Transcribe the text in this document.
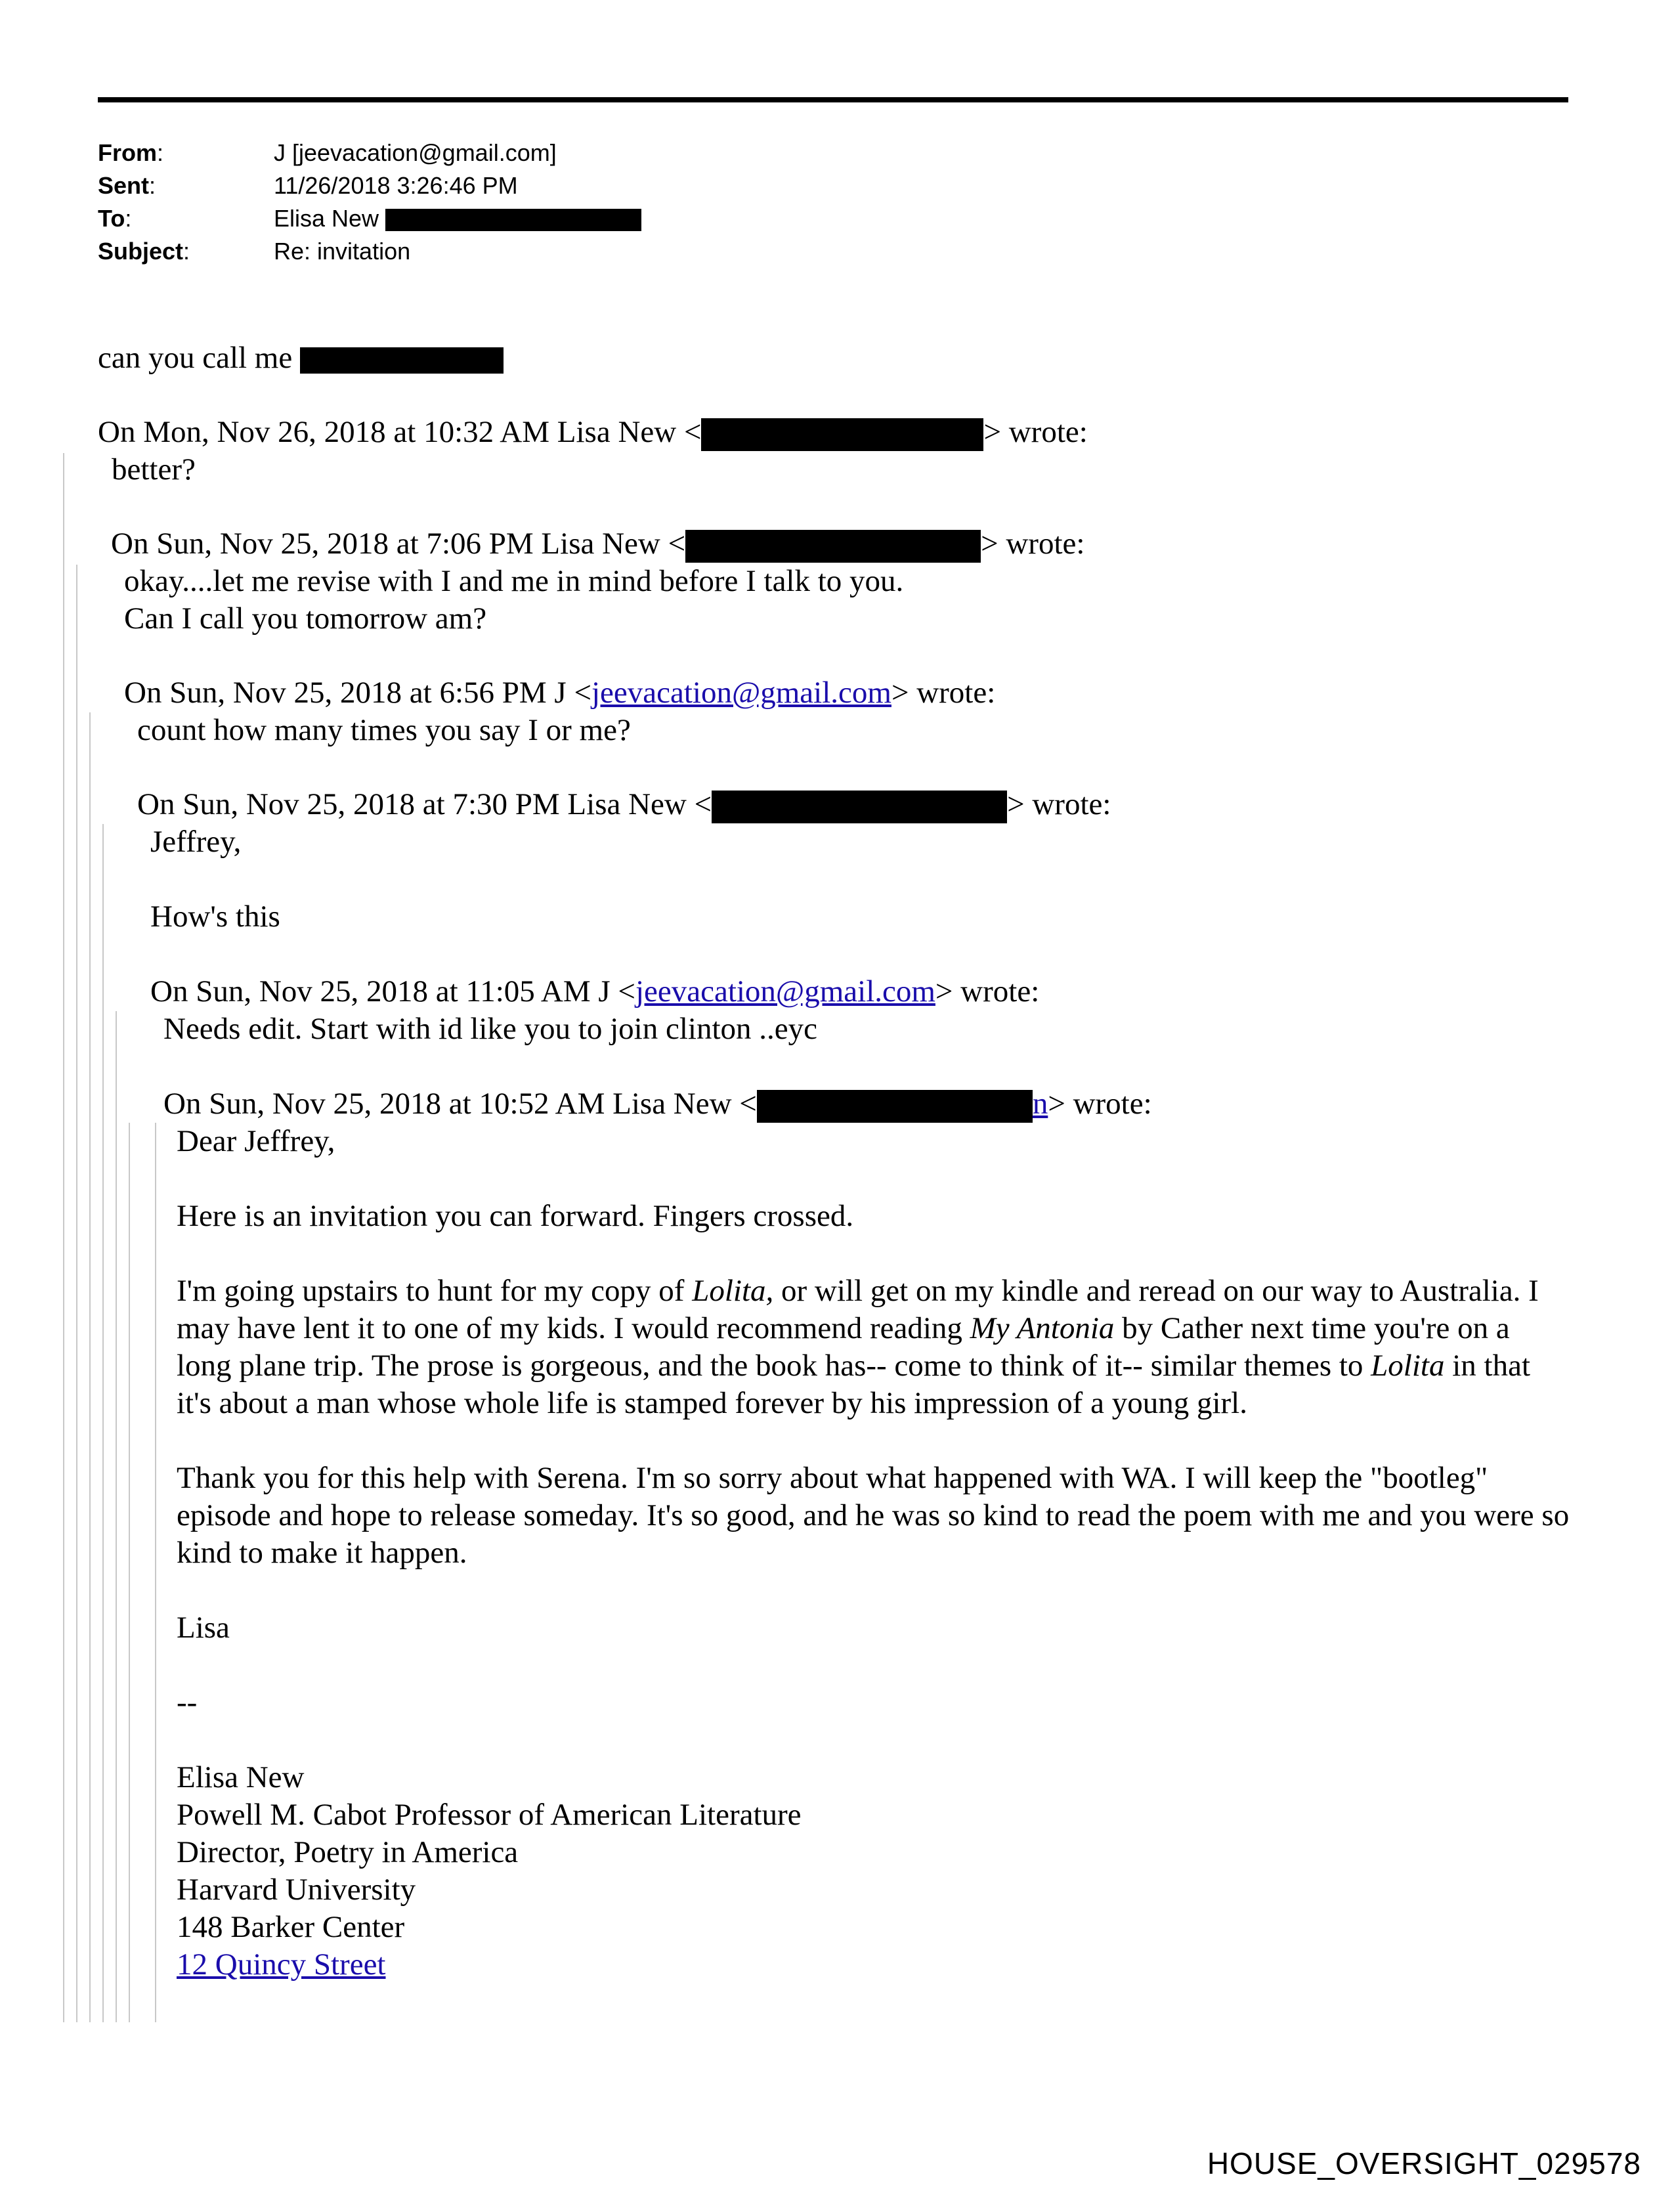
From:	J [jeevacation@gmail.com]
Sent:	11/26/2018 3:26:46 PM
To:	Elisa New
Subject:	Re: invitation
can you call me
On Mon, Nov 26, 2018 at 10:32 AM Lisa New <	> wrote:
better?
On Sun, Nov 25, 2018 at 7:06 PM Lisa New <	> wrote:
okay....let me revise with I and me in mind before I talk to you.
Can I call you tomorrow am?
On Sun, Nov 25, 2018 at 6:56 PM J <jeevacation@gmail.com> wrote:
count how many times you say I or me?
On Sun, Nov 25, 2018 at 7:30 PM Lisa New <	> wrote:
Jeffrey,
How's this
On Sun, Nov 25, 2018 at 11:05 AM J <jeevacation@gmail.com> wrote:
Needs edit. Start with id like you to join clinton ..eyc
On Sun, Nov 25, 2018 at 10:52 AM Lisa New <	n> wrote:

Dear Jeffrey,

Here is an invitation you can forward. Fingers crossed.

I'm going upstairs to hunt for my copy of Lolita, or will get on my kindle and reread on our way to Australia. I may have lent it to one of my kids. I would recommend reading My Antonia by Cather next time you're on a long plane trip. The prose is gorgeous, and the book has-- come to think of it-- similar themes to Lolita in that it's about a man whose whole life is stamped forever by his impression of a young girl.

Thank you for this help with Serena. I'm so sorry about what happened with WA. I will keep the "bootleg" episode and hope to release someday. It's so good, and he was so kind to read the poem with me and you were so kind to make it happen.

Lisa

--

Elisa New

Powell M. Cabot Professor of American Literature

Director, Poetry in America

Harvard University

148 Barker Center

12 Quincy Street

HOUSE_OVERSIGHT_029578
